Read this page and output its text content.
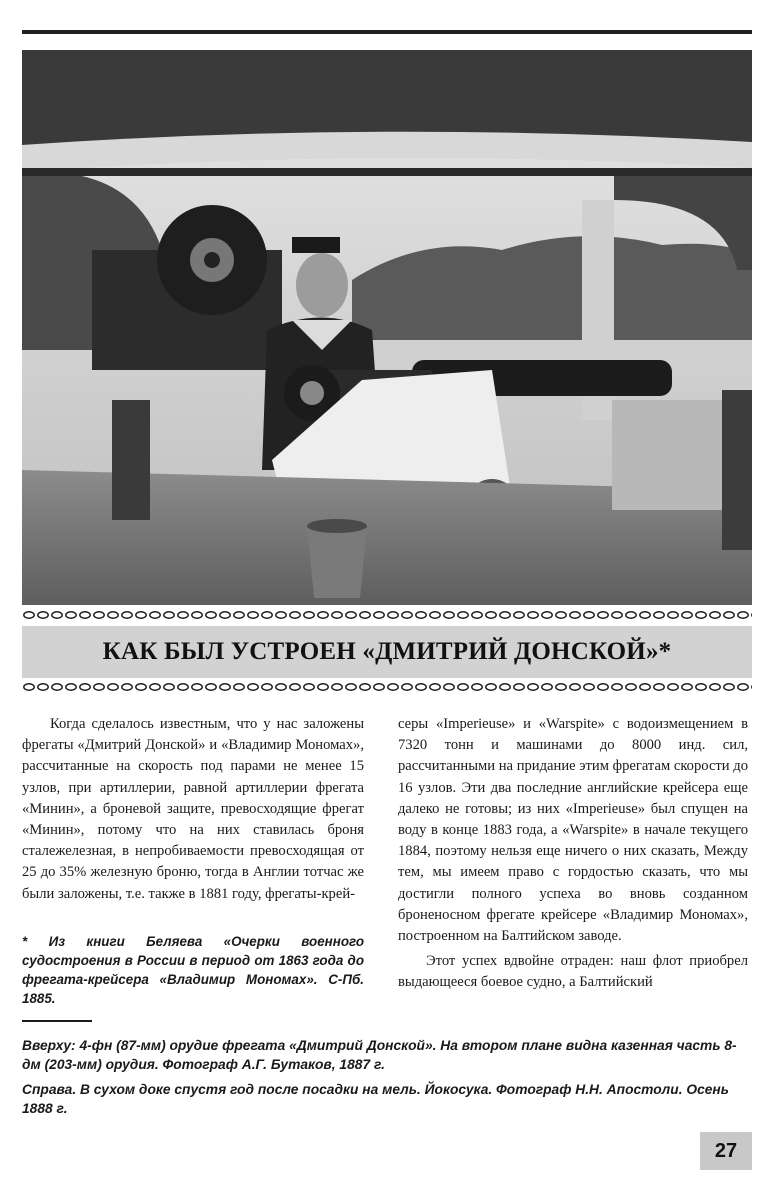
КАК БЫЛ УСТРОЕН «ДМИТРИЙ ДОНСКОЙ»*

Когда сделалось известным, что у нас заложены фрегаты «Дмитрий Донской» и «Владимир Мономах», рассчитанные на скорость под парами не менее 15 узлов, при артиллерии, равной артиллерии фрегата «Минин», а броневой защите, превосходящие фрегат «Минин», потому что на них ставилась броня сталежелезная, в непробиваемости превосходящая от 25 до 35% железную броню, тогда в Англии тотчас же были заложены, т.е. также в 1881 году, фрегаты-крей-

серы «Imperieuse» и «Warspite» с водоизмещением в 7320 тонн и машинами до 8000 инд. сил, рассчитанными на придание этим фрегатам скорости до 16 узлов. Эти два последние английские крейсера еще далеко не готовы; из них «Imperieuse» был спущен на воду в конце 1883 года, а «Warspite» в начале текущего 1884, поэтому нельзя еще ничего о них сказать, Между тем, мы имеем право с гордостью сказать, что мы достигли полного успеха во вновь созданном броненосном фрегате крейсере «Владимир Мономах», построенном на Балтийском заводе.

Этот успех вдвойне отраден: наш флот приобрел выдающееся боевое судно, а Балтийский

* Из книги Беляева «Очерки военного судостроения в России в период от 1863 года до фрегата-крейсера «Владимир Мономах». С-Пб. 1885.

Вверху: 4-фн (87-мм) орудие фрегата «Дмитрий Донской». На втором плане видна казенная часть 8-дм (203-мм) орудия. Фотограф А.Г. Бутаков, 1887 г.

Справа. В сухом доке спустя год после посадки на мель. Йокосука. Фотограф Н.Н. Апостоли. Осень 1888 г.

27
